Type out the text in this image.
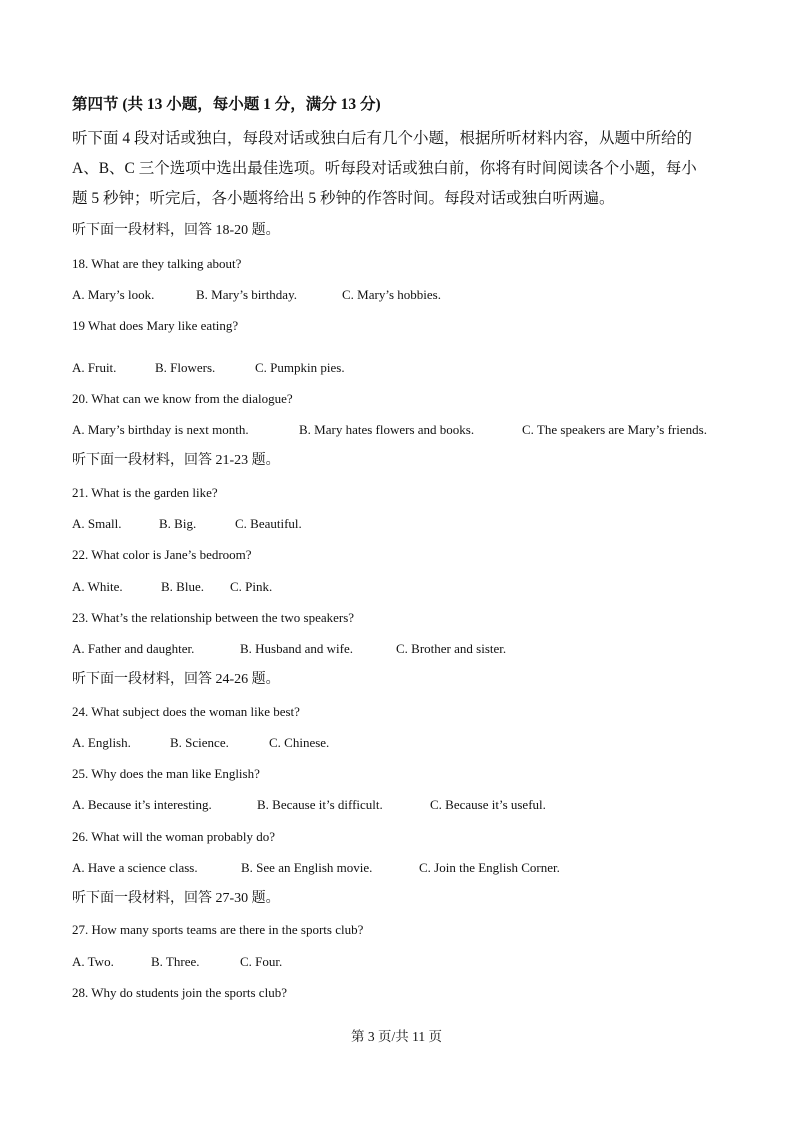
第四节 (共 13 小题，每小题 1 分，满分 13 分)
听下面 4 段对话或独白，每段对话或独白后有几个小题，根据所听材料内容，从题中所给的
A、B、C 三个选项中选出最佳选项。听每段对话或独白前，你将有时间阅读各个小题，每小
题 5 秒钟；听完后，各小题将给出 5 秒钟的作答时间。每段对话或独白听两遍。
听下面一段材料，回答 18-20 题。
18. What are they talking about?
A. Mary’s look.	B. Mary’s birthday.	C. Mary’s hobbies.
19 What does Mary like eating?
A. Fruit.	B. Flowers.	C. Pumpkin pies.
20. What can we know from the dialogue?
A. Mary’s birthday is next month.	B. Mary hates flowers and books.	C. The speakers are Mary’s friends.
听下面一段材料，回答 21-23 题。
21. What is the garden like?
A. Small.	B. Big.	C. Beautiful.
22. What color is Jane’s bedroom?
A. White.	B. Blue. C. Pink.
23. What’s the relationship between the two speakers?
A. Father and daughter.	B. Husband and wife.	C. Brother and sister.
听下面一段材料，回答 24-26 题。
24. What subject does the woman like best?
A. English.	B. Science.	C. Chinese.
25. Why does the man like English?
A. Because it’s interesting.	B. Because it’s difficult.	C. Because it’s useful.
26. What will the woman probably do?
A. Have a science class.	B. See an English movie.	C. Join the English Corner.
听下面一段材料，回答 27-30 题。
27. How many sports teams are there in the sports club?
A. Two.	B. Three.	C. Four.
28. Why do students join the sports club?
第 3 页/共 11 页
